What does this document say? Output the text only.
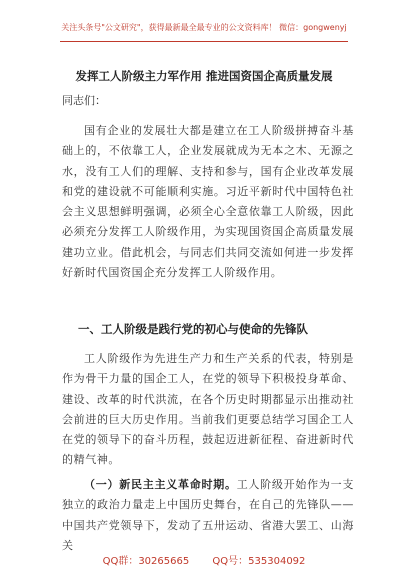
关注头条号"公文研究"，获得最新最全最专业的公文资料库！ 微信：gongwenyj
发挥工人阶级主力军作用 推进国资国企高质量发展
同志们：
国有企业的发展壮大都是建立在工人阶级拼搏奋斗基础上的，不依靠工人，企业发展就成为无本之木、无源之水，没有工人们的理解、支持和参与，国有企业改革发展和党的建设就不可能顺利实施。习近平新时代中国特色社会主义思想鲜明强调，必须全心全意依靠工人阶级，因此必须充分发挥工人阶级作用，为实现国资国企高质量发展建功立业。借此机会，与同志们共同交流如何进一步发挥好新时代国资国企充分发挥工人阶级作用。
一、工人阶级是践行党的初心与使命的先锋队
工人阶级作为先进生产力和生产关系的代表，特别是作为骨干力量的国企工人，在党的领导下积极投身革命、建设、改革的时代洪流，在各个历史时期都显示出推动社会前进的巨大历史作用。当前我们更要总结学习国企工人在党的领导下的奋斗历程，鼓起迈进新征程、奋进新时代的精气神。
（一）新民主主义革命时期。工人阶级开始作为一支独立的政治力量走上中国历史舞台，在自己的先锋队——中国共产党领导下，发动了五卅运动、省港大罢工、山海关
QQ群：30265665 QQ号：535304092
